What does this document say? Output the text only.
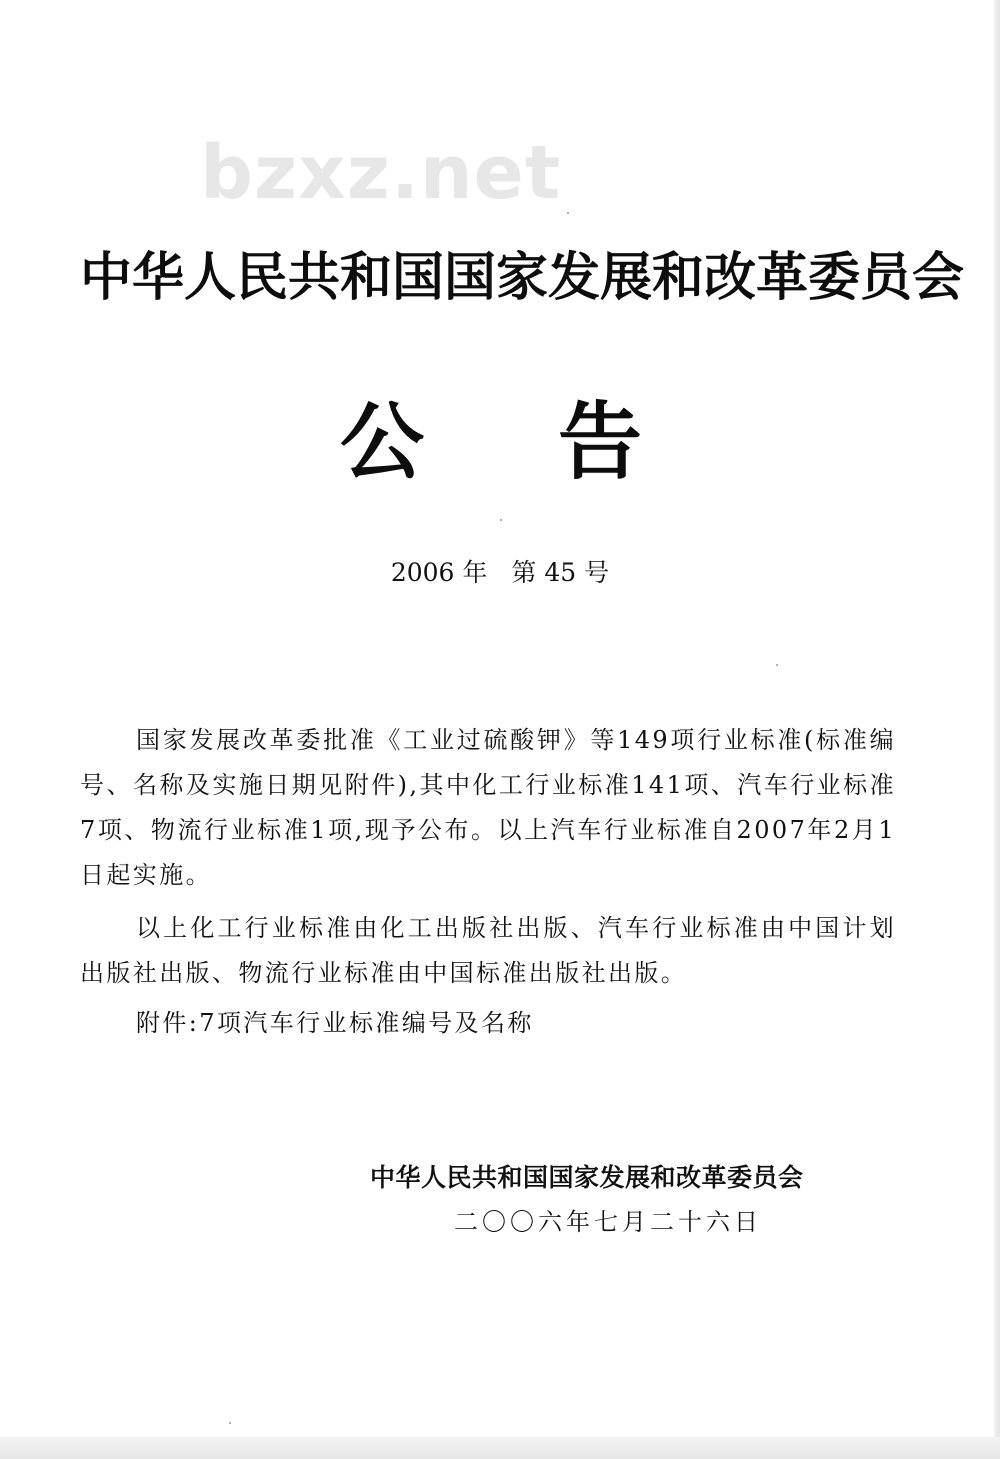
bzxz.net
中华人民共和国国家发展和改革委员会
公 告
2006 年 第 45 号

国家发展改革委批准《工业过硫酸钾》等149项行业标准(标准编号、名称及实施日期见附件),其中化工行业标准141项、汽车行业标准7项、物流行业标准1项,现予公布。以上汽车行业标准自2007年2月1日起实施。

以上化工行业标准由化工出版社出版、汽车行业标准由中国计划出版社出版、物流行业标准由中国标准出版社出版。

附件:7项汽车行业标准编号及名称

中华人民共和国国家发展和改革委员会
二〇〇六年七月二十六日
